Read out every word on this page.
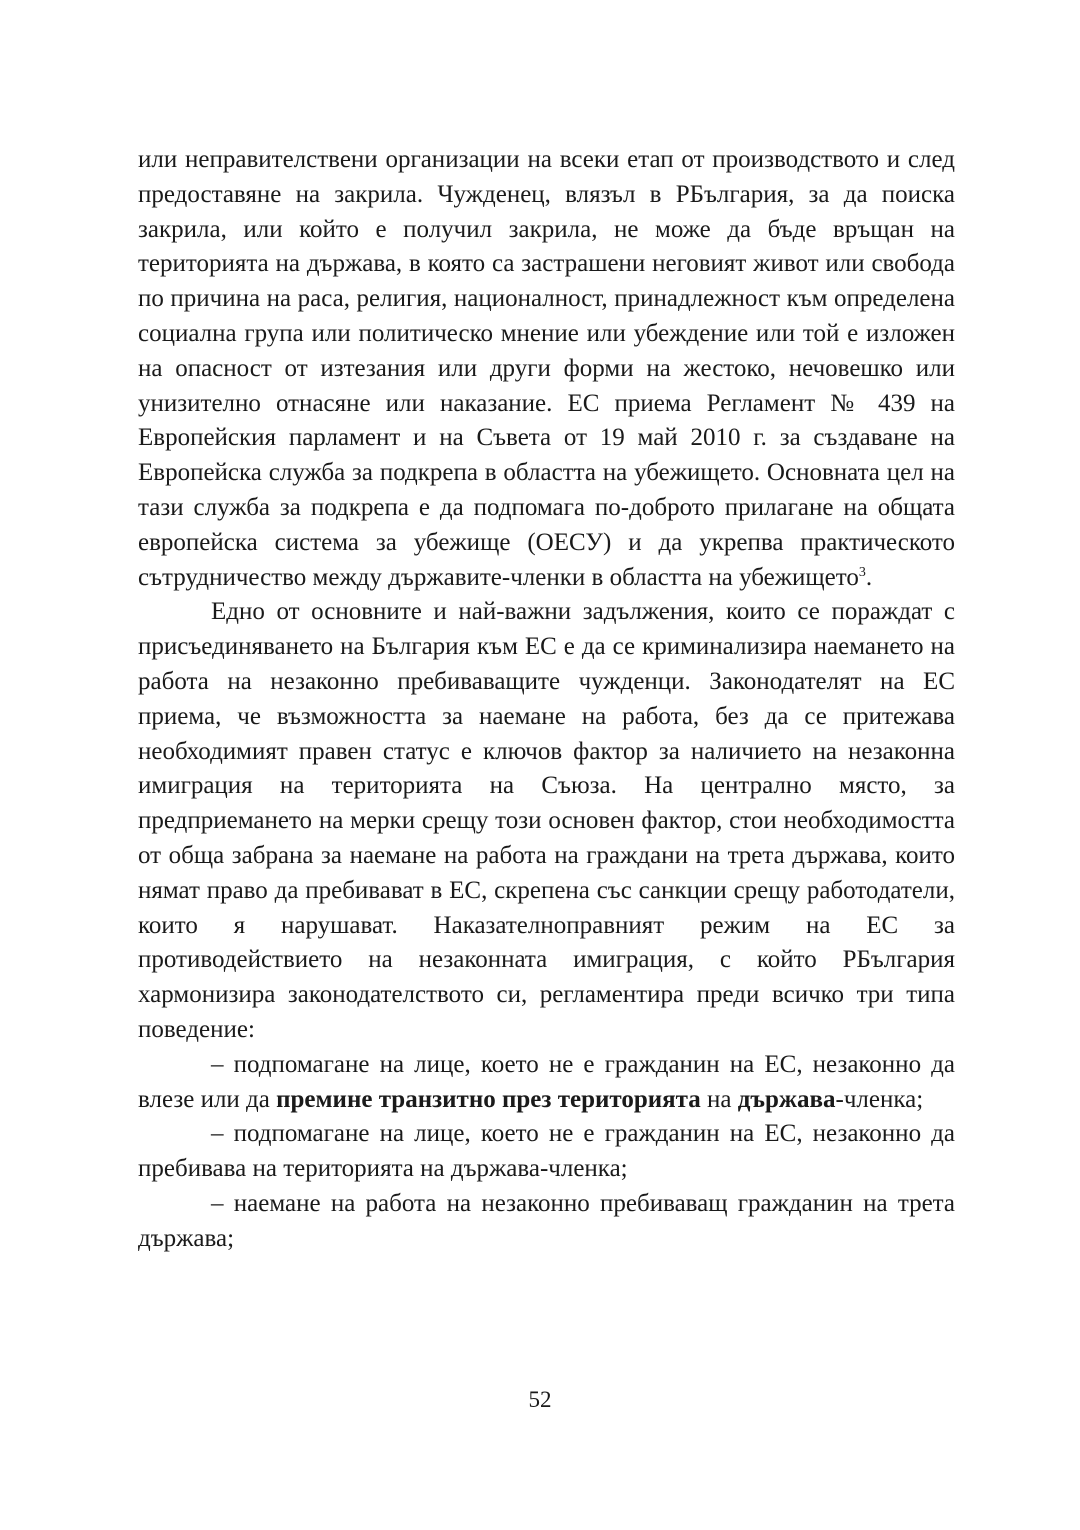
или неправителствени организации на всеки етап от производството и след предоставяне на закрила. Чужденец, влязъл в РБългария, за да поиска закрила, или който е получил закрила, не може да бъде връщан на територията на държава, в която са застрашени неговият живот или свобода по причина на раса, религия, националност, принадлежност към определена социална група или политическо мнение или убеждение или той е изложен на опасност от изтезания или други форми на жестоко, нечовешко или унизително отнасяне или наказание. ЕС приема Регламент № 439 на Европейския парламент и на Съвета от 19 май 2010 г. за създаване на Европейска служба за подкрепа в областта на убежището. Основната цел на тази служба за подкрепа е да подпомага по-доброто прилагане на общата европейска система за убежище (ОЕСУ) и да укрепва практическото сътрудничество между държавите-членки в областта на убежището$^3$.

Едно от основните и най-важни задължения, които се пораждат с присъединяването на България към ЕС е да се криминализира наемането на работа на незаконно пребиваващите чужденци. Законодателят на ЕС приема, че възможността за наемане на работа, без да се притежава необходимият правен статус е ключов фактор за наличието на незаконна имиграция на територията на Съюза. На централно място, за предприемането на мерки срещу този основен фактор, стои необходимостта от обща забрана за наемане на работа на граждани на трета държава, които нямат право да пребивават в ЕС, скрепена със санкции срещу работодатели, които я нарушават. Наказателноправният режим на ЕС за противодействието на незаконната имиграция, с който РБългария хармонизира законодателството си, регламентира преди всичко три типа поведение:

– подпомагане на лице, което не е гражданин на ЕС, незаконно да влезе или да премине транзитно през територията на държава-членка;

– подпомагане на лице, което не е гражданин на ЕС, незаконно да пребивава на територията на държава-членка;

– наемане на работа на незаконно пребиваващ гражданин на трета държава;

52
